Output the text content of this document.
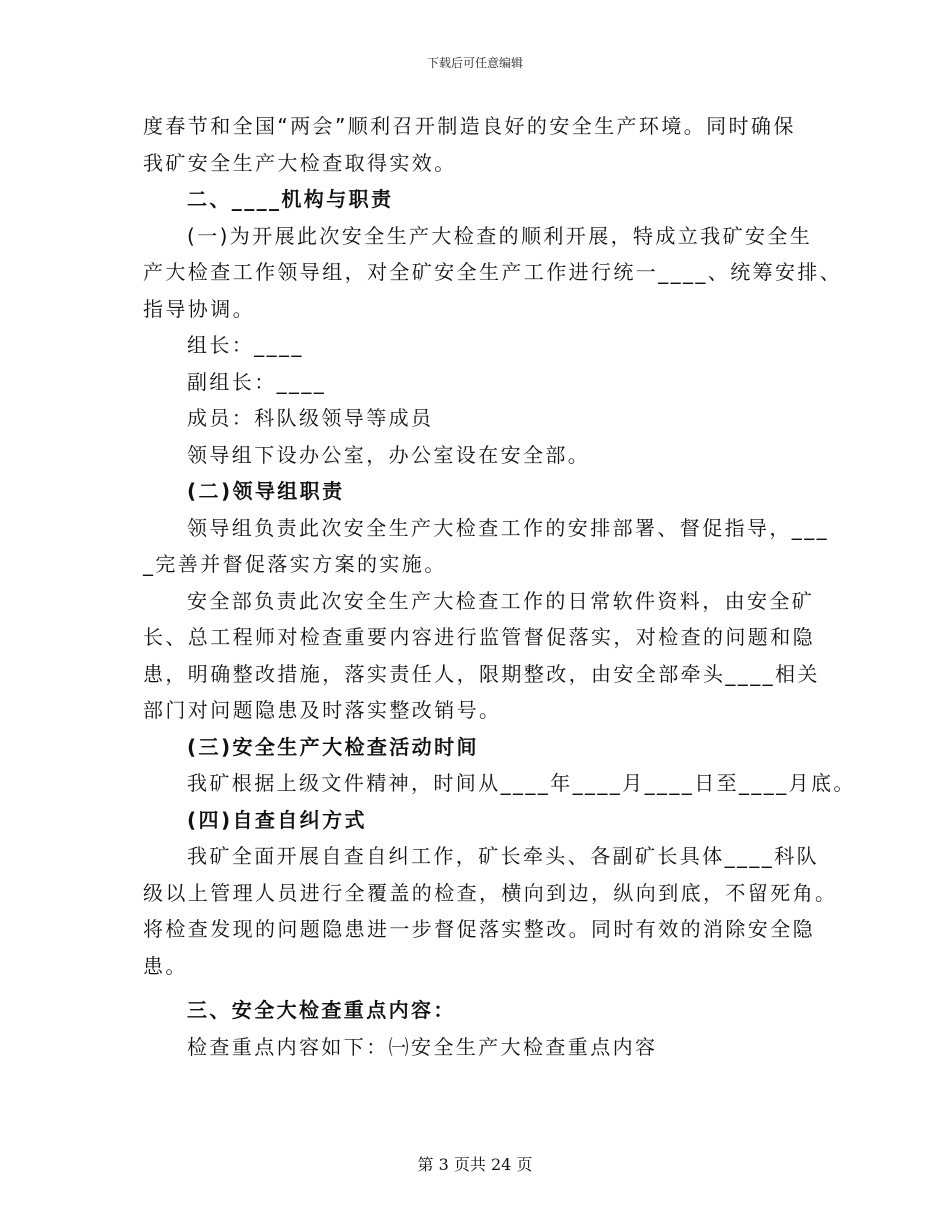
下载后可任意编辑
度春节和全国“两会”顺利召开制造良好的安全生产环境。同时确保
我矿安全生产大检查取得实效。
二、____机构与职责
(一)为开展此次安全生产大检查的顺利开展，特成立我矿安全生
产大检查工作领导组，对全矿安全生产工作进行统一____、统筹安排、
指导协调。
组长：____
副组长：____
成员：科队级领导等成员
领导组下设办公室，办公室设在安全部。
(二)领导组职责
领导组负责此次安全生产大检查工作的安排部署、督促指导，___
_完善并督促落实方案的实施。
安全部负责此次安全生产大检查工作的日常软件资料，由安全矿
长、总工程师对检查重要内容进行监管督促落实，对检查的问题和隐
患，明确整改措施，落实责任人，限期整改，由安全部牵头____相关
部门对问题隐患及时落实整改销号。
(三)安全生产大检查活动时间
我矿根据上级文件精神，时间从____年____月____日至____月底。
(四)自查自纠方式
我矿全面开展自查自纠工作，矿长牵头、各副矿长具体____科队
级以上管理人员进行全覆盖的检查，横向到边，纵向到底，不留死角。
将检查发现的问题隐患进一步督促落实整改。同时有效的消除安全隐
患。
三、安全大检查重点内容：
检查重点内容如下：㈠安全生产大检查重点内容
第 3 页共 24 页
